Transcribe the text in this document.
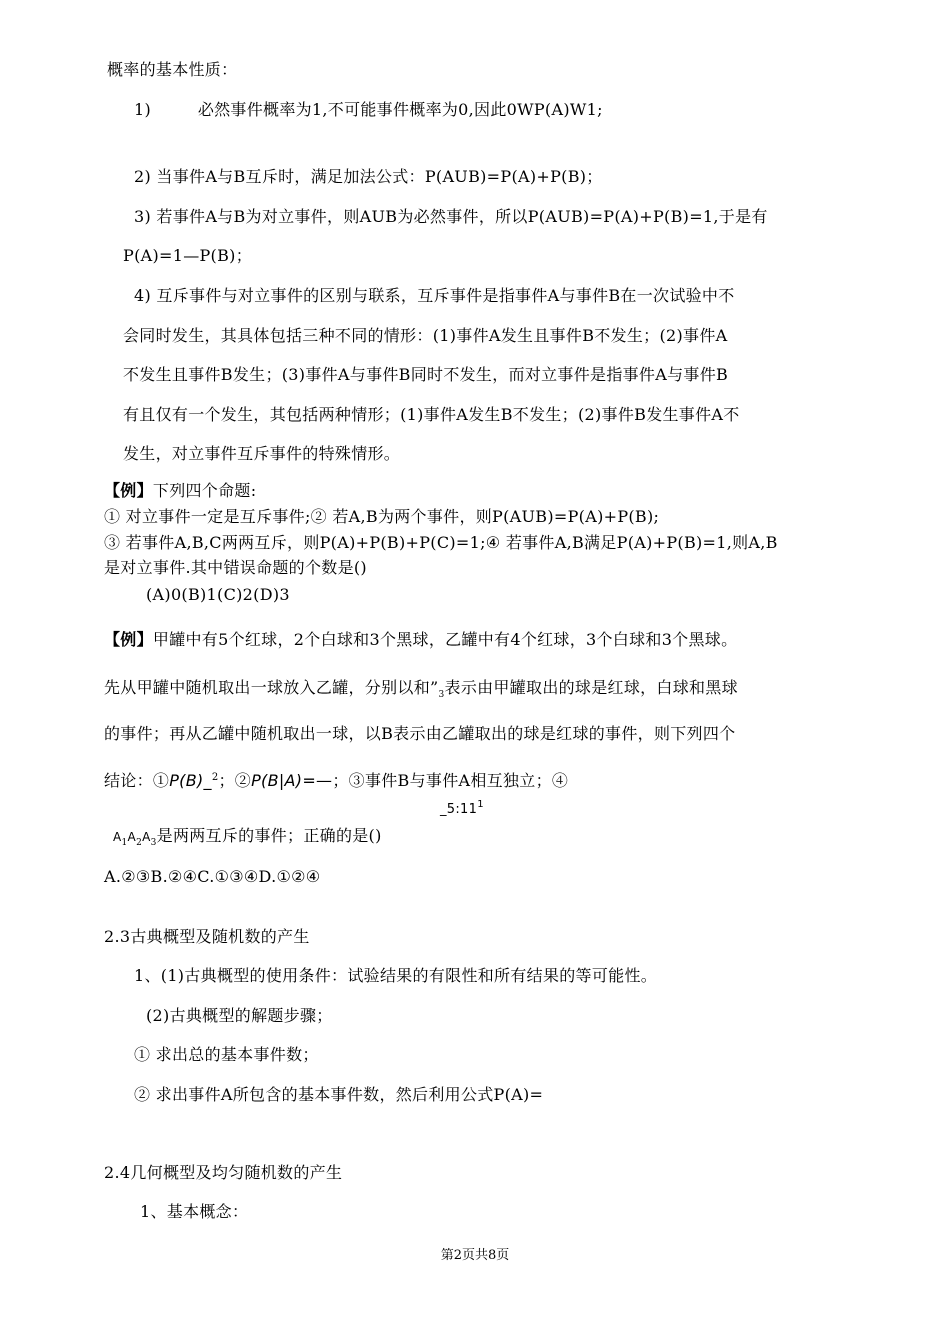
概率的基本性质：
1)	必然事件概率为1,不可能事件概率为0,因此0WP(A)W1;
2) 当事件A与B互斥时，满足加法公式：P(AUB)=P(A)+P(B)；
3) 若事件A与B为对立事件，则AUB为必然事件，所以P(AUB)=P(A)+P(B)=1,于是有
P(A)=1—P(B)；
4) 互斥事件与对立事件的区别与联系，互斥事件是指事件A与事件B在一次试验中不
会同时发生，其具体包括三种不同的情形：(1)事件A发生且事件B不发生；(2)事件A
不发生且事件B发生；(3)事件A与事件B同时不发生，而对立事件是指事件A与事件B
有且仅有一个发生，其包括两种情形；(1)事件A发生B不发生；(2)事件B发生事件A不
发生，对立事件互斥事件的特殊情形。
【例】下列四个命题:
① 对立事件一定是互斥事件;② 若A,B为两个事件，则P(AUB)=P(A)+P(B);
③ 若事件A,B,C两两互斥，则P(A)+P(B)+P(C)=1;④ 若事件A,B满足P(A)+P(B)=1,则A,B
是对立事件.其中错误命题的个数是()
(A)0(B)1(C)2(D)3
【例】甲罐中有5个红球，2个白球和3个黑球，乙罐中有4个红球，3个白球和3个黑球。
先从甲罐中随机取出一球放入乙罐，分别以和$”_3$表示由甲罐取出的球是红球，白球和黑球
的事件；再从乙罐中随机取出一球，以B表示由乙罐取出的球是红球的事件，则下列四个
结论：①P(B)_$^2$；②P(B|A)=—；③事件B与事件A相互独立；④
$\_5:11^1$
$A_1A_2A_3$是两两互斥的事件；正确的是()
A.②③B.②④C.①③④D.①②④
2.3古典概型及随机数的产生
1、(1)古典概型的使用条件：试验结果的有限性和所有结果的等可能性。
(2)古典概型的解题步骤；
① 求出总的基本事件数；
② 求出事件A所包含的基本事件数，然后利用公式P(A)=
2.4几何概型及均匀随机数的产生
1、基本概念：
第2页共8页
